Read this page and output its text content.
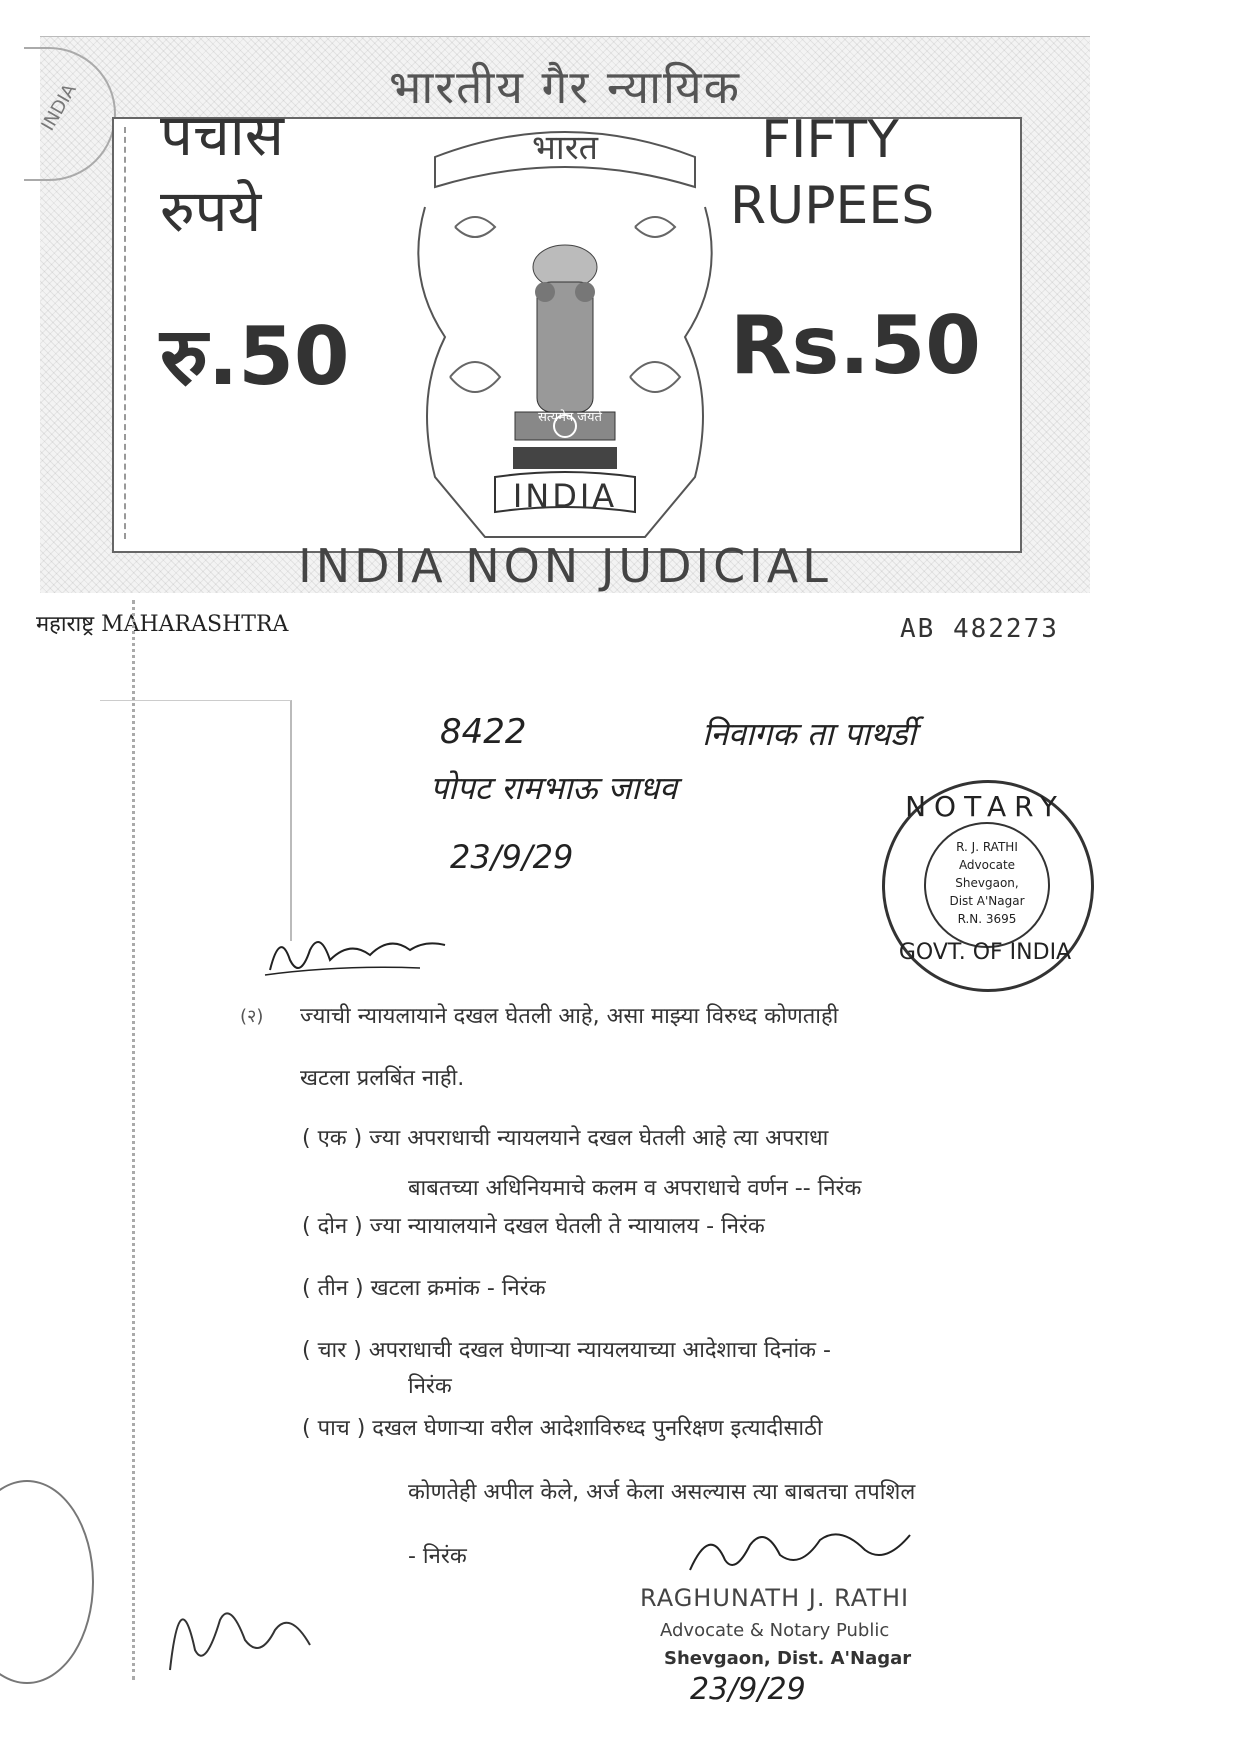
INDIA	भारतीय गैर न्यायिक
पचास
रुपये
FIFTY
RUPEES
रु.50	Rs.50
भारत
सत्यमेव जयते
INDIA
INDIA NON JUDICIAL
महाराष्ट्र MAHARASHTRA	AB 482273
8422	निवागक ता पाथर्डी
पोपट रामभाऊ जाधव
23/9/29
NOTARY
R. J. RATHI
Advocate
Shevgaon,
Dist A'Nagar
R.N. 3695
GOVT. OF INDIA
(२) ज्याची न्यायलायाने दखल घेतली आहे, असा माझ्या विरुध्द कोणताही
खटला प्रलबिंत नाही.
( एक ) ज्या अपराधाची न्यायलयाने दखल घेतली आहे त्या अपराधा
बाबतच्या अधिनियमाचे कलम व अपराधाचे वर्णन -- निरंक
( दोन ) ज्या न्यायालयाने दखल घेतली ते न्यायालय - निरंक
( तीन ) खटला क्रमांक - निरंक
( चार ) अपराधाची दखल घेणाऱ्या न्यायलयाच्या आदेशाचा दिनांक -
निरंक
( पाच ) दखल घेणाऱ्या वरील आदेशाविरुध्द पुनरिक्षण इत्यादीसाठी
कोणतेही अपील केले, अर्ज केला असल्यास त्या बाबतचा तपशिल
- निरंक
RAGHUNATH J. RATHI
Advocate & Notary Public
Shevgaon, Dist. A'Nagar
23/9/29
